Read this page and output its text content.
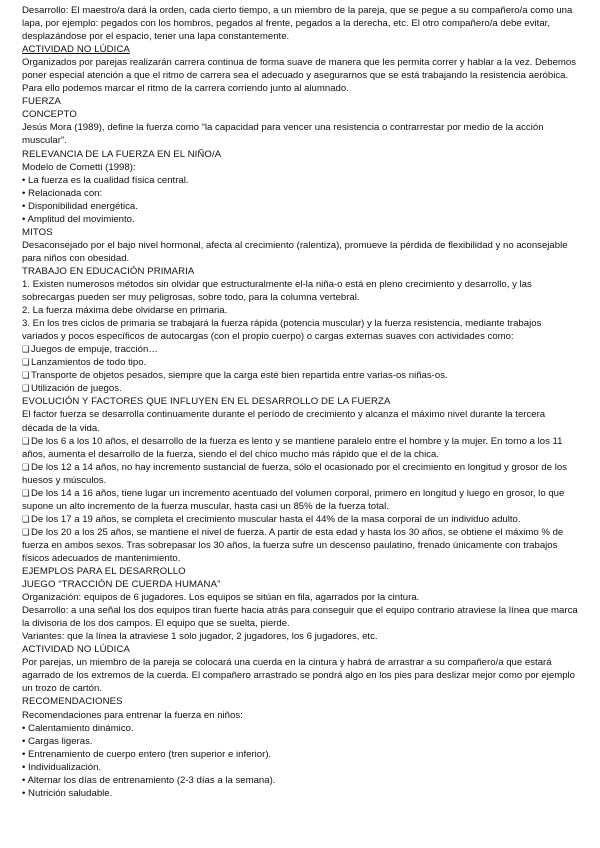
Desarrollo: El maestro/a dará la orden, cada cierto tiempo, a un miembro de la pareja, que se pegue a su compañero/a como una lapa, por ejemplo: pegados con los hombros, pegados al frente, pegados a la derecha, etc. El otro compañero/a debe evitar, desplazándose por el espacio, tener una lapa constantemente.
ACTIVIDAD NO LÚDICA
Organizados por parejas realizarán carrera continua de forma suave de manera que les permita correr y hablar a la vez. Debemos poner especial atención a que el ritmo de carrera sea el adecuado y asegurarnos que se está trabajando la resistencia aeróbica. Para ello podemos marcar el ritmo de la carrera corriendo junto al alumnado.
FUERZA
CONCEPTO
Jesús Mora (1989), define la fuerza como “la capacidad para vencer una resistencia o contrarrestar por medio de la acción muscular”.
RELEVANCIA DE LA FUERZA EN EL NIÑO/A
Modelo de Cometti (1998):
• La fuerza es la cualidad física central.
• Relacionada con:
• Disponibilidad energética.
• Amplitud del movimiento.
MITOS
Desaconsejado por el bajo nivel hormonal, afecta al crecimiento (ralentiza), promueve la pérdida de flexibilidad y no aconsejable para niños con obesidad.
TRABAJO EN EDUCACIÓN PRIMARIA
1. Existen numerosos métodos sin olvidar que estructuralmente el-la niña-o está en pleno crecimiento y desarrollo, y las sobrecargas pueden ser muy peligrosas, sobre todo, para la columna vertebral.
2. La fuerza máxima debe olvidarse en primaria.
3. En los tres ciclos de primaria se trabajará la fuerza rápida (potencia muscular) y la fuerza resistencia, mediante trabajos variados y pocos específicos de autocargas (con el propio cuerpo) o cargas externas suaves con actividades como:
❑Juegos de empuje, tracción…
❑Lanzamientos de todo tipo.
❑Transporte de objetos pesados, siempre que la carga esté bien repartida entre varias-os niñas-os.
❑Utilización de juegos.
EVOLUCIÓN Y FACTORES QUE INFLUYEN EN EL DESARROLLO DE LA FUERZA
El factor fuerza se desarrolla continuamente durante el período de crecimiento y alcanza el máximo nivel durante la tercera década de la vida.
❑De los 6 a los 10 años, el desarrollo de la fuerza es lento y se mantiene paralelo entre el hombre y la mujer. En torno a los 11 años, aumenta el desarrollo de la fuerza, siendo el del chico mucho más rápido que el de la chica.
❑De los 12 a 14 años, no hay incremento sustancial de fuerza, sólo el ocasionado por el crecimiento en longitud y grosor de los huesos y músculos.
❑De los 14 a 16 años, tiene lugar un incremento acentuado del volumen corporal, primero en longitud y luego en grosor, lo que supone un alto incremento de la fuerza muscular, hasta casi un 85% de la fuerza total.
❑De los 17 a 19 años, se completa el crecimiento muscular hasta el 44% de la masa corporal de un individuo adulto.
❑De los 20 a los 25 años, se mantiene el nivel de fuerza. A partir de esta edad y hasta los 30 años, se obtiene el máximo % de fuerza en ambos sexos. Tras sobrepasar los 30 años, la fuerza sufre un descenso paulatino, frenado únicamente con trabajos físicos adecuados de mantenimiento.
EJEMPLOS PARA EL DESARROLLO
JUEGO “TRACCIÓN DE CUERDA HUMANA”
Organización: equipos de 6 jugadores. Los equipos se sitúan en fila, agarrados por la cintura.
Desarrollo: a una señal los dos equipos tiran fuerte hacia atrás para conseguir que el equipo contrario atraviese la línea que marca la divisoria de los dos campos. El equipo que se suelta, pierde.
Variantes: que la línea la atraviese 1 solo jugador, 2 jugadores, los 6 jugadores, etc.
ACTIVIDAD NO LÚDICA
Por parejas, un miembro de la pareja se colocará una cuerda en la cintura y habrá de arrastrar a su compañero/a que estará agarrado de los extremos de la cuerda. El compañero arrastrado se pondrá algo en los pies para deslizar mejor como por ejemplo un trozo de cartón.
RECOMENDACIONES
Recomendaciones para entrenar la fuerza en niños:
• Calentamiento dinámico.
• Cargas ligeras.
• Entrenamiento de cuerpo entero (tren superior e inferior).
• Individualización.
• Alternar los días de entrenamiento (2-3 días a la semana).
• Nutrición saludable.
